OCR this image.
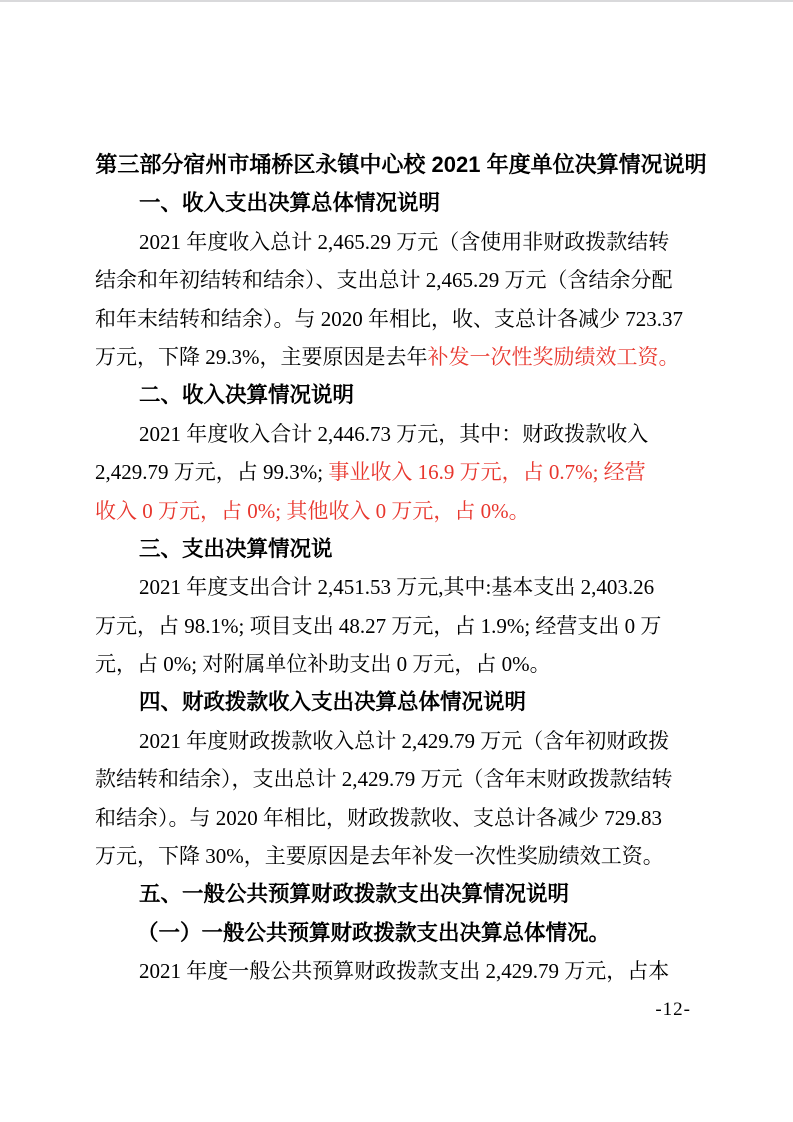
第三部分宿州市埇桥区永镇中心校 2021 年度单位决算情况说明
一、收入支出决算总体情况说明

2021 年度收入总计 2,465.29 万元（含使用非财政拨款结转

结余和年初结转和结余）、支出总计 2,465.29 万元（含结余分配

和年末结转和结余）。与 2020 年相比，收、支总计各减少 723.37

万元，下降 29.3%，主要原因是去年补发一次性奖励绩效工资。

二、收入决算情况说明

2021 年度收入合计 2,446.73 万元，其中：财政拨款收入

2,429.79 万元，占 99.3%; 事业收入 16.9 万元，占 0.7%; 经营

收入 0 万元，占 0%; 其他收入 0 万元，占 0%。

三、支出决算情况说

2021 年度支出合计 2,451.53 万元,其中:基本支出 2,403.26

万元，占 98.1%; 项目支出 48.27 万元，占 1.9%; 经营支出 0 万

元，占 0%; 对附属单位补助支出 0 万元，占 0%。

四、财政拨款收入支出决算总体情况说明

2021 年度财政拨款收入总计 2,429.79 万元（含年初财政拨

款结转和结余），支出总计 2,429.79 万元（含年末财政拨款结转

和结余）。与 2020 年相比，财政拨款收、支总计各减少 729.83

万元，下降 30%，主要原因是去年补发一次性奖励绩效工资。

五、一般公共预算财政拨款支出决算情况说明
（一）一般公共预算财政拨款支出决算总体情况。

2021 年度一般公共预算财政拨款支出 2,429.79 万元，占本

-12-
